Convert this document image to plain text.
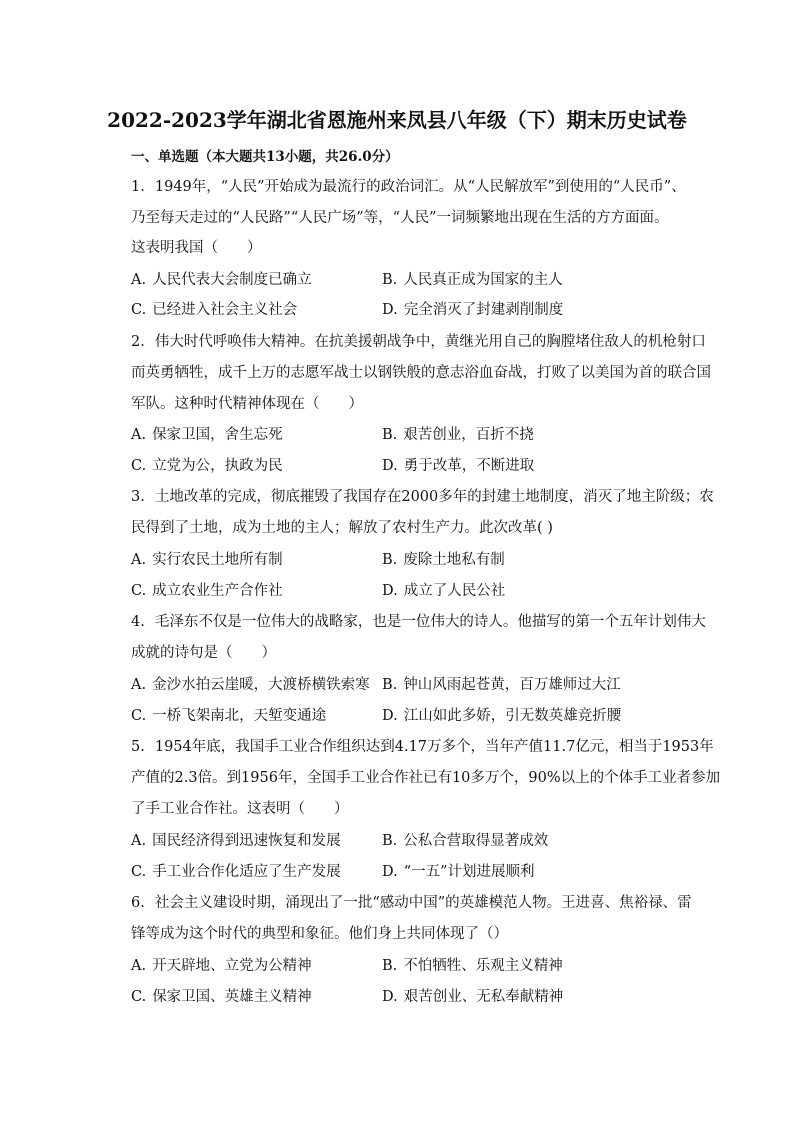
2022-2023学年湖北省恩施州来凤县八年级（下）期末历史试卷
一、单选题（本大题共13小题，共26.0分）
1. 1949年，“人民”开始成为最流行的政治词汇。从“人民解放军”到使用的“人民币”、
乃至每天走过的“人民路”“人民广场”等，“人民”一词频繁地出现在生活的方方面面。
这表明我国（　　）
A. 人民代表大会制度已确立	B. 人民真正成为国家的主人
C. 已经进入社会主义社会	D. 完全消灭了封建剥削制度
2. 伟大时代呼唤伟大精神。在抗美援朝战争中，黄继光用自己的胸膛堵住敌人的机枪射口
而英勇牺牲，成千上万的志愿军战士以钢铁般的意志浴血奋战，打败了以美国为首的联合国
军队。这种时代精神体现在（　　）
A. 保家卫国，舍生忘死	B. 艰苦创业，百折不挠
C. 立党为公，执政为民	D. 勇于改革，不断进取
3. 土地改革的完成，彻底摧毁了我国存在2000多年的封建土地制度，消灭了地主阶级；农
民得到了土地，成为土地的主人；解放了农村生产力。此次改革( )
A. 实行农民土地所有制	B. 废除土地私有制
C. 成立农业生产合作社	D. 成立了人民公社
4. 毛泽东不仅是一位伟大的战略家，也是一位伟大的诗人。他描写的第一个五年计划伟大
成就的诗句是（　　）
A. 金沙水拍云崖暖，大渡桥横铁索寒 B. 钟山风雨起苍黄，百万雄师过大江
C. 一桥飞架南北，天堑变通途	D. 江山如此多娇，引无数英雄竞折腰
5. 1954年底，我国手工业合作组织达到4.17万多个，当年产值11.7亿元，相当于1953年
产值的2.3倍。到1956年，全国手工业合作社已有10多万个，90%以上的个体手工业者参加
了手工业合作社。这表明（　　）
A. 国民经济得到迅速恢复和发展	B. 公私合营取得显著成效
C. 手工业合作化适应了生产发展	D. “一五”计划进展顺利
6. 社会主义建设时期，涌现出了一批“感动中国”的英雄模范人物。王进喜、焦裕禄、雷
锋等成为这个时代的典型和象征。他们身上共同体现了（）
A. 开天辟地、立党为公精神	B. 不怕牺牲、乐观主义精神
C. 保家卫国、英雄主义精神	D. 艰苦创业、无私奉献精神
